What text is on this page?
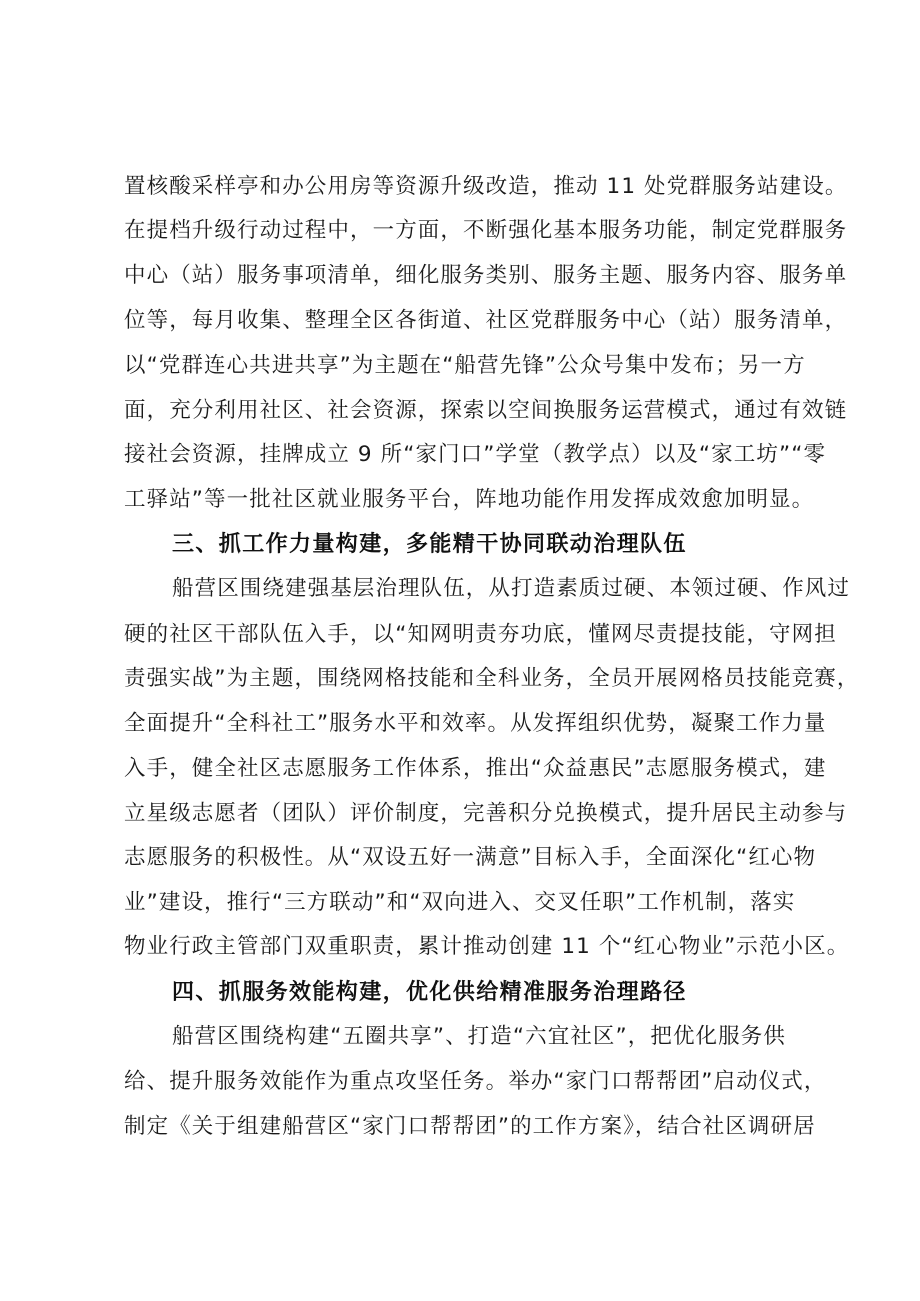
置核酸采样亭和办公用房等资源升级改造，推动 11 处党群服务站建设。
在提档升级行动过程中，一方面，不断强化基本服务功能，制定党群服务
中心（站）服务事项清单，细化服务类别、服务主题、服务内容、服务单
位等，每月收集、整理全区各街道、社区党群服务中心（站）服务清单，
以“党群连心共进共享”为主题在“船营先锋”公众号集中发布；另一方
面，充分利用社区、社会资源，探索以空间换服务运营模式，通过有效链
接社会资源，挂牌成立 9 所“家门口”学堂（教学点）以及“家工坊”“零
工驿站”等一批社区就业服务平台，阵地功能作用发挥成效愈加明显。
三、抓工作力量构建，多能精干协同联动治理队伍
船营区围绕建强基层治理队伍，从打造素质过硬、本领过硬、作风过
硬的社区干部队伍入手，以“知网明责夯功底，懂网尽责提技能，守网担
责强实战”为主题，围绕网格技能和全科业务，全员开展网格员技能竞赛，
全面提升“全科社工”服务水平和效率。从发挥组织优势，凝聚工作力量
入手，健全社区志愿服务工作体系，推出“众益惠民”志愿服务模式，建
立星级志愿者（团队）评价制度，完善积分兑换模式，提升居民主动参与
志愿服务的积极性。从“双设五好一满意”目标入手，全面深化“红心物
业”建设，推行“三方联动”和“双向进入、交叉任职”工作机制，落实
物业行政主管部门双重职责，累计推动创建 11 个“红心物业”示范小区。
四、抓服务效能构建，优化供给精准服务治理路径
船营区围绕构建“五圈共享”、打造“六宜社区”，把优化服务供
给、提升服务效能作为重点攻坚任务。举办“家门口帮帮团”启动仪式，
制定《关于组建船营区“家门口帮帮团”的工作方案》，结合社区调研居
